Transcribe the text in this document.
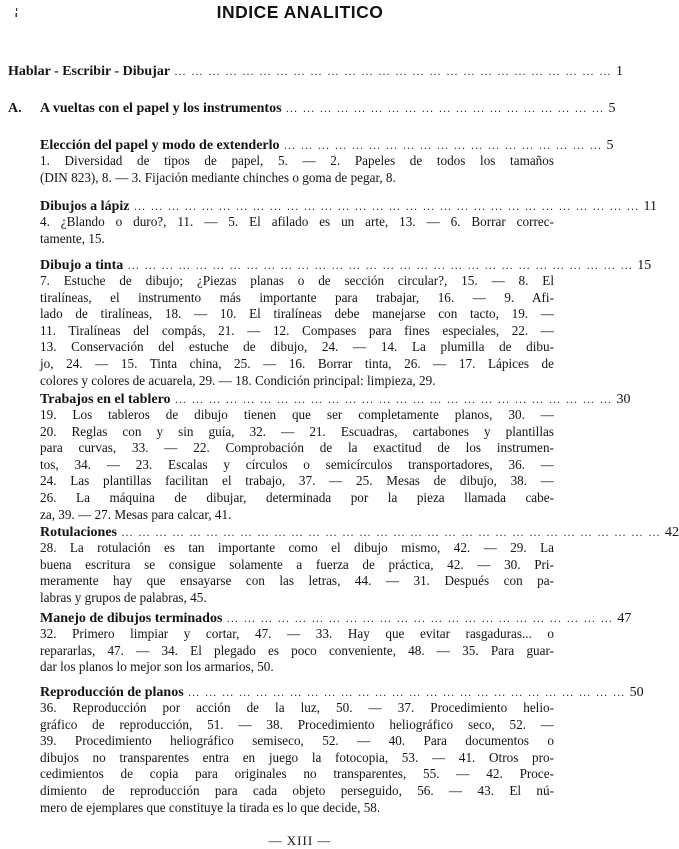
INDICE ANALITICO
Hablar - Escribir - Dibujar … … … … … … … … … … … … … … … … … … … … … … … … … … 1
A. A vueltas con el papel y los instrumentos … … … … … … … … … … … … … … … … … … … 5
Elección del papel y modo de extenderlo … … … … … … … … … … … … … … … … … … … 5
1. Diversidad de tipos de papel, 5. — 2. Papeles de todos los tamaños
(DIN 823), 8. — 3. Fijación mediante chinches o goma de pegar, 8.
Dibujos a lápiz … … … … … … … … … … … … … … … … … … … … … … … … … … … … … … 11
4. ¿Blando o duro?, 11. — 5. El afilado es un arte, 13. — 6. Borrar correc-
tamente, 15.
Dibujo a tinta … … … … … … … … … … … … … … … … … … … … … … … … … … … … … … 15
7. Estuche de dibujo; ¿Piezas planas o de sección circular?, 15. — 8. El
tiralíneas, el instrumento más importante para trabajar, 16. — 9. Afi-
lado de tiralíneas, 18. — 10. El tiralíneas debe manejarse con tacto, 19. —
11. Tiralíneas del compás, 21. — 12. Compases para fines especiales, 22. —
13. Conservación del estuche de dibujo, 24. — 14. La plumilla de dibu-
jo, 24. — 15. Tinta china, 25. — 16. Borrar tinta, 26. — 17. Lápices de
colores y colores de acuarela, 29. — 18. Condición principal: limpieza, 29.
Trabajos en el tablero … … … … … … … … … … … … … … … … … … … … … … … … … … 30
19. Los tableros de dibujo tienen que ser completamente planos, 30. —
20. Reglas con y sin guía, 32. — 21. Escuadras, cartabones y plantillas
para curvas, 33. — 22. Comprobación de la exactitud de los instrumen-
tos, 34. — 23. Escalas y círculos o semicírculos transportadores, 36. —
24. Las plantillas facilitan el trabajo, 37. — 25. Mesas de dibujo, 38. —
26. La máquina de dibujar, determinada por la pieza llamada cabe-
za, 39. — 27. Mesas para calcar, 41.
Rotulaciones … … … … … … … … … … … … … … … … … … … … … … … … … … … … … … … … 42
28. La rotulación es tan importante como el dibujo mismo, 42. — 29. La
buena escritura se consigue solamente a fuerza de práctica, 42. — 30. Pri-
meramente hay que ensayarse con las letras, 44. — 31. Después con pa-
labras y grupos de palabras, 45.
Manejo de dibujos terminados … … … … … … … … … … … … … … … … … … … … … … … 47
32. Primero limpiar y cortar, 47. — 33. Hay que evitar rasgaduras... o
repararlas, 47. — 34. El plegado es poco conveniente, 48. — 35. Para guar-
dar los planos lo mejor son los armarios, 50.
Reproducción de planos … … … … … … … … … … … … … … … … … … … … … … … … … … 50
36. Reproducción por acción de la luz, 50. — 37. Procedimiento helio-
gráfico de reproducción, 51. — 38. Procedimiento heliográfico seco, 52. —
39. Procedimiento heliográfico semiseco, 52. — 40. Para documentos o
dibujos no transparentes entra en juego la fotocopia, 53. — 41. Otros pro-
cedimientos de copia para originales no transparentes, 55. — 42. Proce-
dimiento de reproducción para cada objeto perseguido, 56. — 43. El nú-
mero de ejemplares que constituye la tirada es lo que decide, 58.
— XIII —
